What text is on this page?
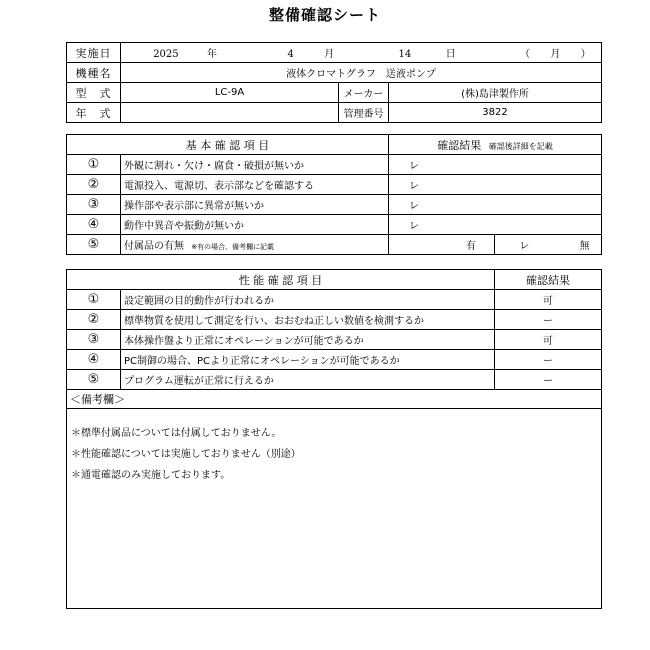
整備確認シート
実施日	2025 年 4 月 14 日 （ 月 ）		
機種名	液体クロマトグラフ　送液ポンプ		
型　式	LC-9A	メーカー	(株)島津製作所
年　式		管理番号	3822
基 本 確 認 項 目		確認結果 確認後詳細を記載	
①	外観に割れ・欠け・腐食・破損が無いか	レ	
②	電源投入、電源切、表示部などを確認する	レ	
③	操作部や表示部に異常が無いか	レ	
④	動作中異音や振動が無いか	レ	
⑤	付属品の有無 ※有の場合、備考欄に記載	有	レ 無
性 能 確 認 項 目		確認結果
①	設定範囲の目的動作が行われるか	可
②	標準物質を使用して測定を行い、おおむね正しい数値を検測するか	ー
③	本体操作盤より正常にオペレーションが可能であるか	可
④	PC制御の場合、PCより正常にオペレーションが可能であるか	ー
⑤	プログラム運転が正常に行えるか	ー
＜備考欄＞		

＊標準付属品については付属しておりません。
＊性能確認については実施しておりません（別途）
＊通電確認のみ実施しております。		
